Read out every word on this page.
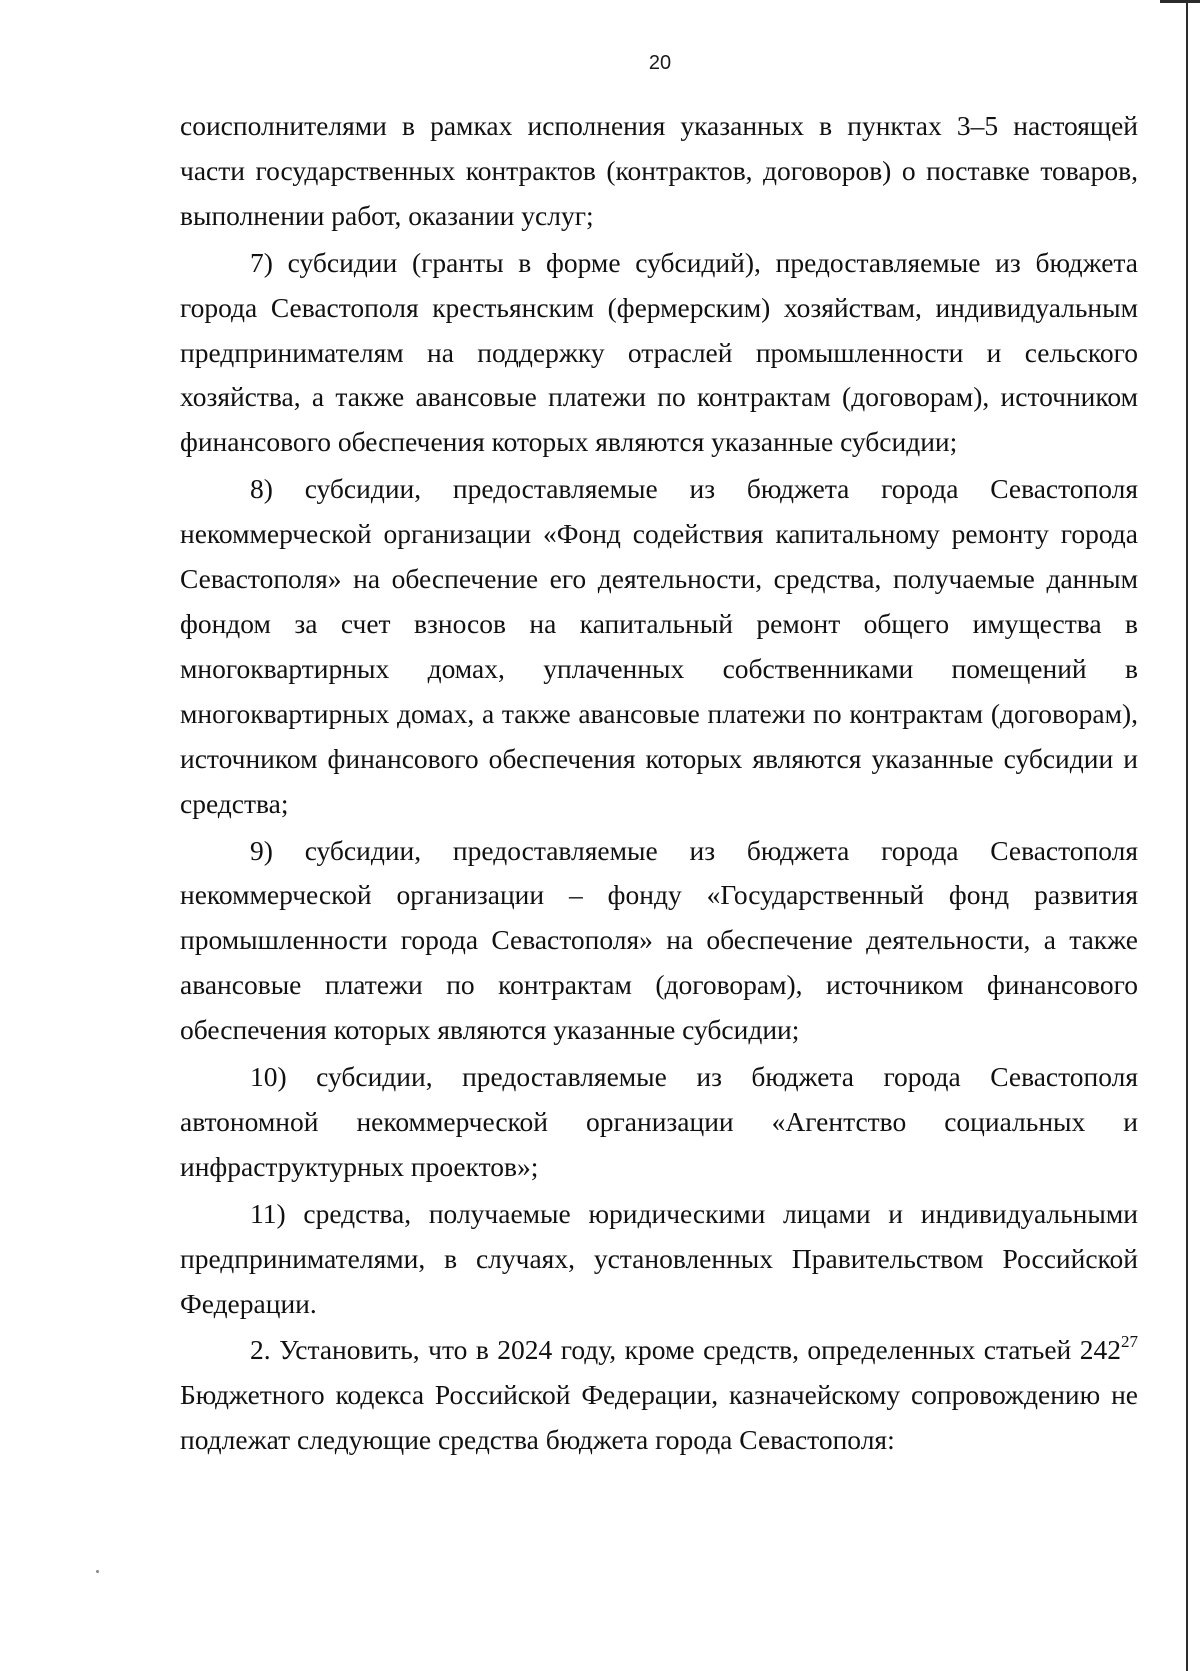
20

соисполнителями в рамках исполнения указанных в пунктах 3–5 настоящей части государственных контрактов (контрактов, договоров) о поставке товаров, выполнении работ, оказании услуг;

7) субсидии (гранты в форме субсидий), предоставляемые из бюджета города Севастополя крестьянским (фермерским) хозяйствам, индивидуальным предпринимателям на поддержку отраслей промышленности и сельского хозяйства, а также авансовые платежи по контрактам (договорам), источником финансового обеспечения которых являются указанные субсидии;

8) субсидии, предоставляемые из бюджета города Севастополя некоммерческой организации «Фонд содействия капитальному ремонту города Севастополя» на обеспечение его деятельности, средства, получаемые данным фондом за счет взносов на капитальный ремонт общего имущества в многоквартирных домах, уплаченных собственниками помещений в многоквартирных домах, а также авансовые платежи по контрактам (договорам), источником финансового обеспечения которых являются указанные субсидии и средства;

9) субсидии, предоставляемые из бюджета города Севастополя некоммерческой организации – фонду «Государственный фонд развития промышленности города Севастополя» на обеспечение деятельности, а также авансовые платежи по контрактам (договорам), источником финансового обеспечения которых являются указанные субсидии;

10) субсидии, предоставляемые из бюджета города Севастополя автономной некоммерческой организации «Агентство социальных и инфраструктурных проектов»;

11) средства, получаемые юридическими лицами и индивидуальными предпринимателями, в случаях, установленных Правительством Российской Федерации.

2. Установить, что в 2024 году, кроме средств, определенных статьей $242^{27}$ Бюджетного кодекса Российской Федерации, казначейскому сопровождению не подлежат следующие средства бюджета города Севастополя:
